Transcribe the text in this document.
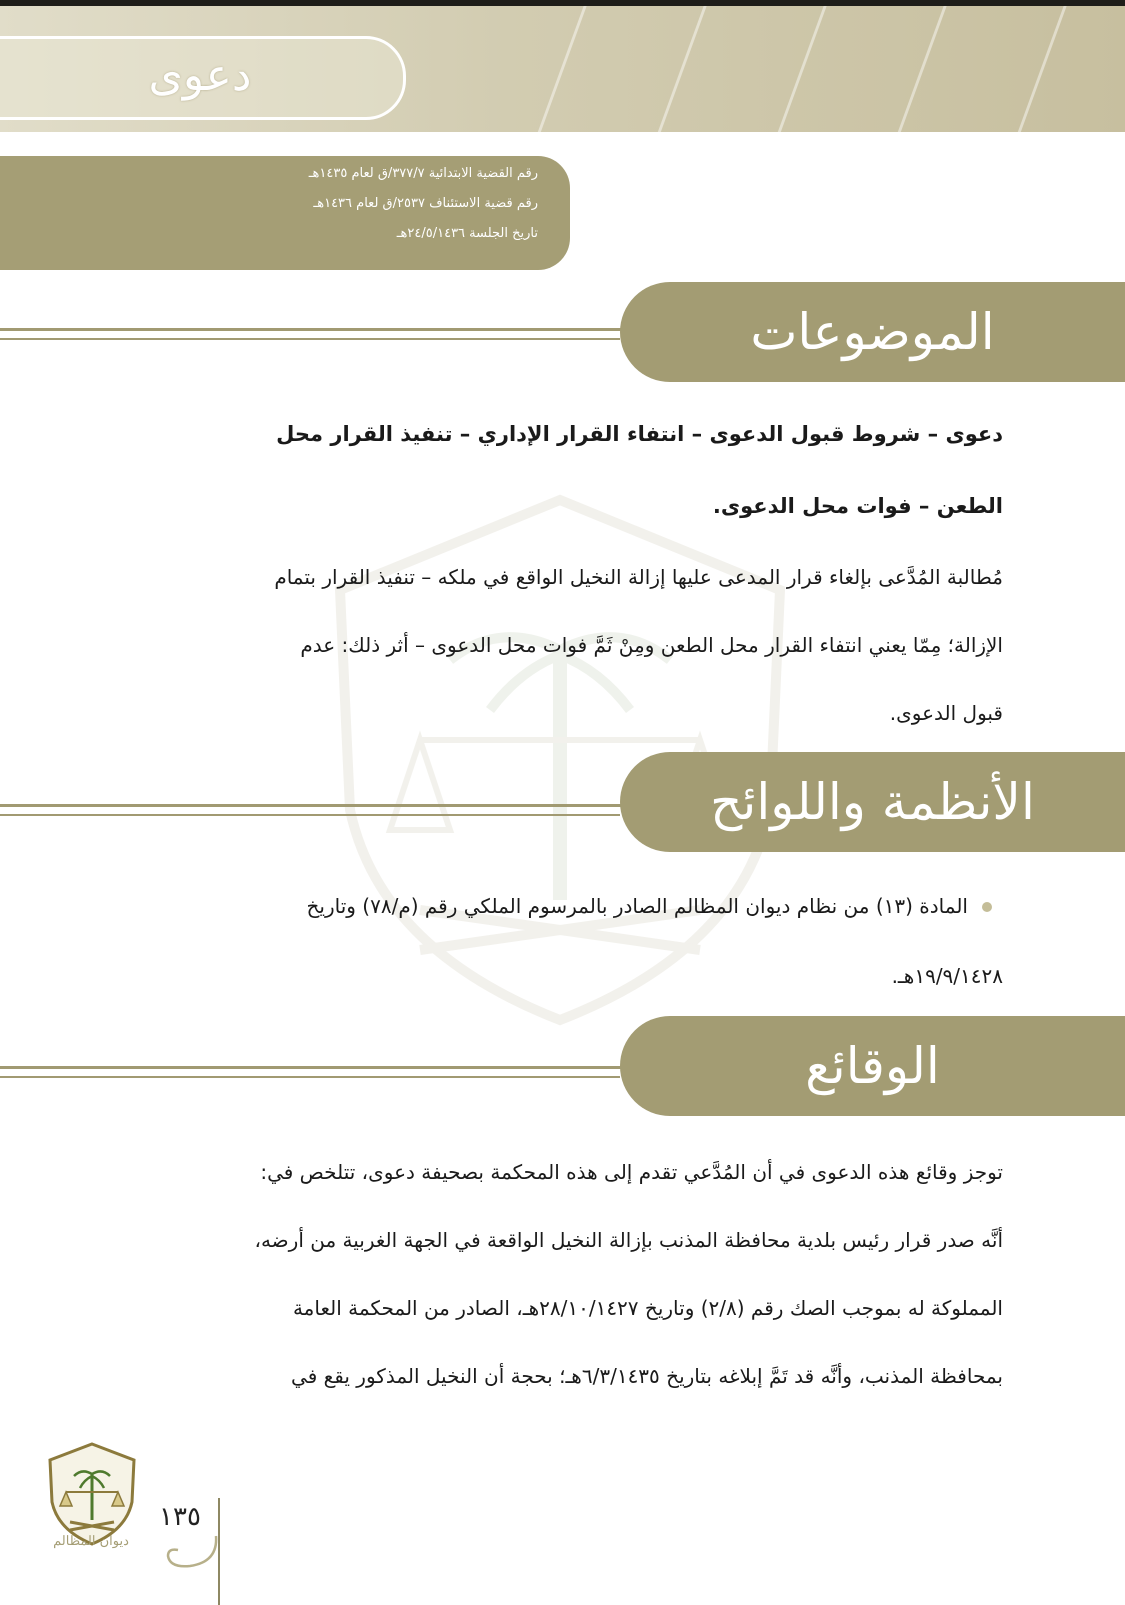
دعوى
رقم القضية الابتدائية ٣٧٧/٧/ق لعام ١٤٣٥هـ
رقم قضية الاستئناف ٢٥٣٧/ق لعام ١٤٣٦هـ
تاريخ الجلسة ٢٤/٥/١٤٣٦هـ
الموضوعات
دعوى – شروط قبول الدعوى – انتفاء القرار الإداري – تنفيذ القرار محل
الطعن – فوات محل الدعوى.
مُطالبة المُدَّعى بإلغاء قرار المدعى عليها إزالة النخيل الواقع في ملكه – تنفيذ القرار بتمام
الإزالة؛ مِمّا يعني انتفاء القرار محل الطعن ومِنْ ثَمَّ فوات محل الدعوى – أثر ذلك: عدم
قبول الدعوى.
الأنظمة واللوائح
المادة (١٣) من نظام ديوان المظالم الصادر بالمرسوم الملكي رقم (م/٧٨) وتاريخ
١٩/٩/١٤٢٨هـ.
الوقائع
توجز وقائع هذه الدعوى في أن المُدَّعي تقدم إلى هذه المحكمة بصحيفة دعوى، تتلخص في:
أنَّه صدر قرار رئيس بلدية محافظة المذنب بإزالة النخيل الواقعة في الجهة الغربية من أرضه،
المملوكة له بموجب الصك رقم (٢/٨) وتاريخ ٢٨/١٠/١٤٢٧هـ، الصادر من المحكمة العامة
بمحافظة المذنب، وأنَّه قد تَمَّ إبلاغه بتاريخ ٦/٣/١٤٣٥هـ؛ بحجة أن النخيل المذكور يقع في
ديوان المظالم
١٣٥
